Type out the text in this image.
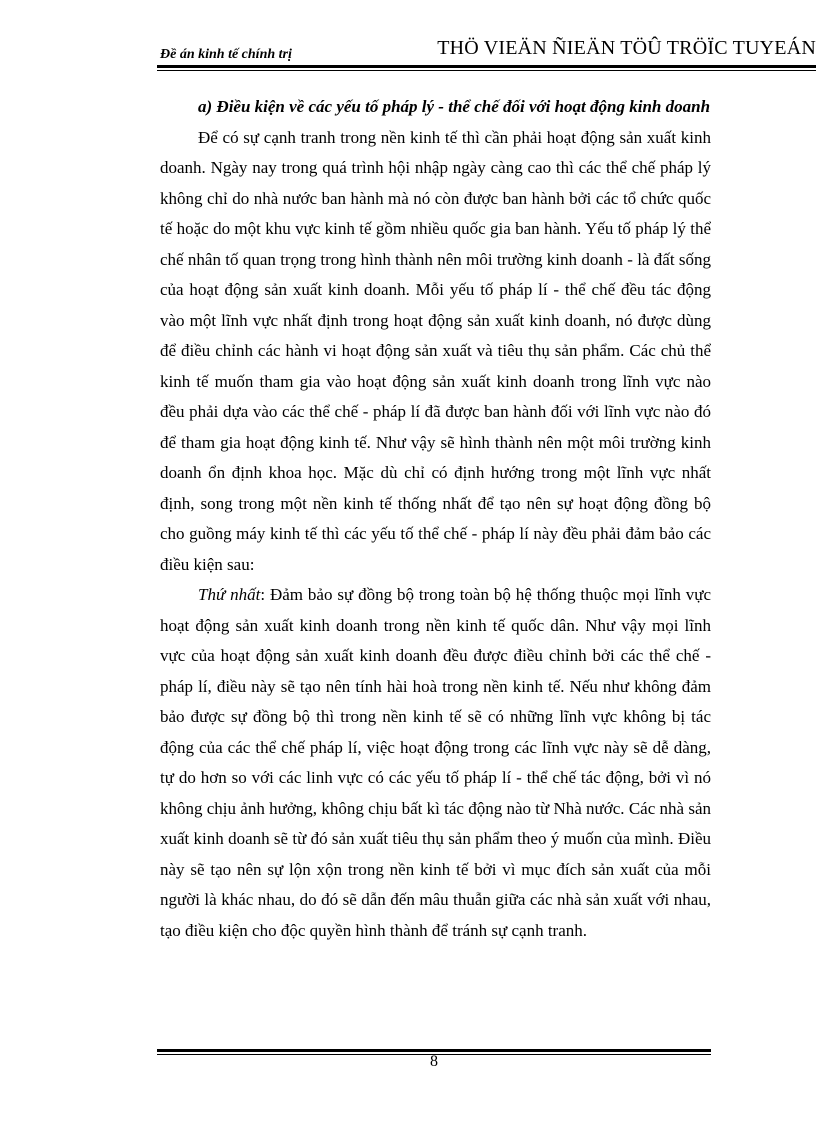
Đề án kinh tế chính trị	THÖ VIEÄN ÑIEÄN TÖÛ TRÖÏC TUYEÁN

a) Điều kiện về các yếu tố pháp lý - thể chế đối với hoạt động kinh doanh

Để có sự cạnh tranh trong nền kinh tế thì cần phải hoạt động sản xuất kinh doanh. Ngày nay trong quá trình hội nhập ngày càng cao thì các thể chế pháp lý không chỉ do nhà nước ban hành mà nó còn được ban hành bởi các tổ chức quốc tế hoặc do một khu vực kinh tế gồm nhiều quốc gia ban hành. Yếu tố pháp lý thể chế nhân tố quan trọng trong hình thành nên môi trường kinh doanh - là đất sống của hoạt động sản xuất kinh doanh. Mỗi yếu tố pháp lí - thể chế đều tác động vào một lĩnh vực nhất định trong hoạt động sản xuất kinh doanh, nó được dùng để điều chỉnh các hành vi hoạt động sản xuất và tiêu thụ sản phẩm. Các chủ thể kinh tế muốn tham gia vào hoạt động sản xuất kinh doanh trong lĩnh vực nào đều phải dựa vào các thể chế - pháp lí đã được ban hành đối với lĩnh vực nào đó để tham gia hoạt động kinh tế. Như vậy sẽ hình thành nên một môi trường kinh doanh ổn định khoa học. Mặc dù chỉ có định hướng trong một lĩnh vực nhất định, song trong một nền kinh tế thống nhất để tạo nên sự hoạt động đồng bộ cho guồng máy kinh tế thì các yếu tố thể chế - pháp lí này đều phải đảm bảo các điều kiện sau:

Thứ nhất: Đảm bảo sự đồng bộ trong toàn bộ hệ thống thuộc mọi lĩnh vực hoạt động sản xuất kinh doanh trong nền kinh tế quốc dân. Như vậy mọi lĩnh vực của hoạt động sản xuất kinh doanh đều được điều chỉnh bởi các thể chế - pháp lí, điều này sẽ tạo nên tính hài hoà trong nền kinh tế. Nếu như không đảm bảo được sự đồng bộ thì trong nền kinh tế sẽ có những lĩnh vực không bị tác động của các thể chế pháp lí, việc hoạt động trong các lĩnh vực này sẽ dễ dàng, tự do hơn so với các linh vực có các yếu tố pháp lí - thể chế tác động, bởi vì nó không chịu ảnh hưởng, không chịu bất kì tác động nào từ Nhà nước. Các nhà sản xuất kinh doanh sẽ từ đó sản xuất tiêu thụ sản phẩm theo ý muốn của mình. Điều này sẽ tạo nên sự lộn xộn trong nền kinh tế bởi vì mục đích sản xuất của mỗi người là khác nhau, do đó sẽ dẫn đến mâu thuẫn giữa các nhà sản xuất với nhau, tạo điều kiện cho độc quyền hình thành để tránh sự cạnh tranh.

8
